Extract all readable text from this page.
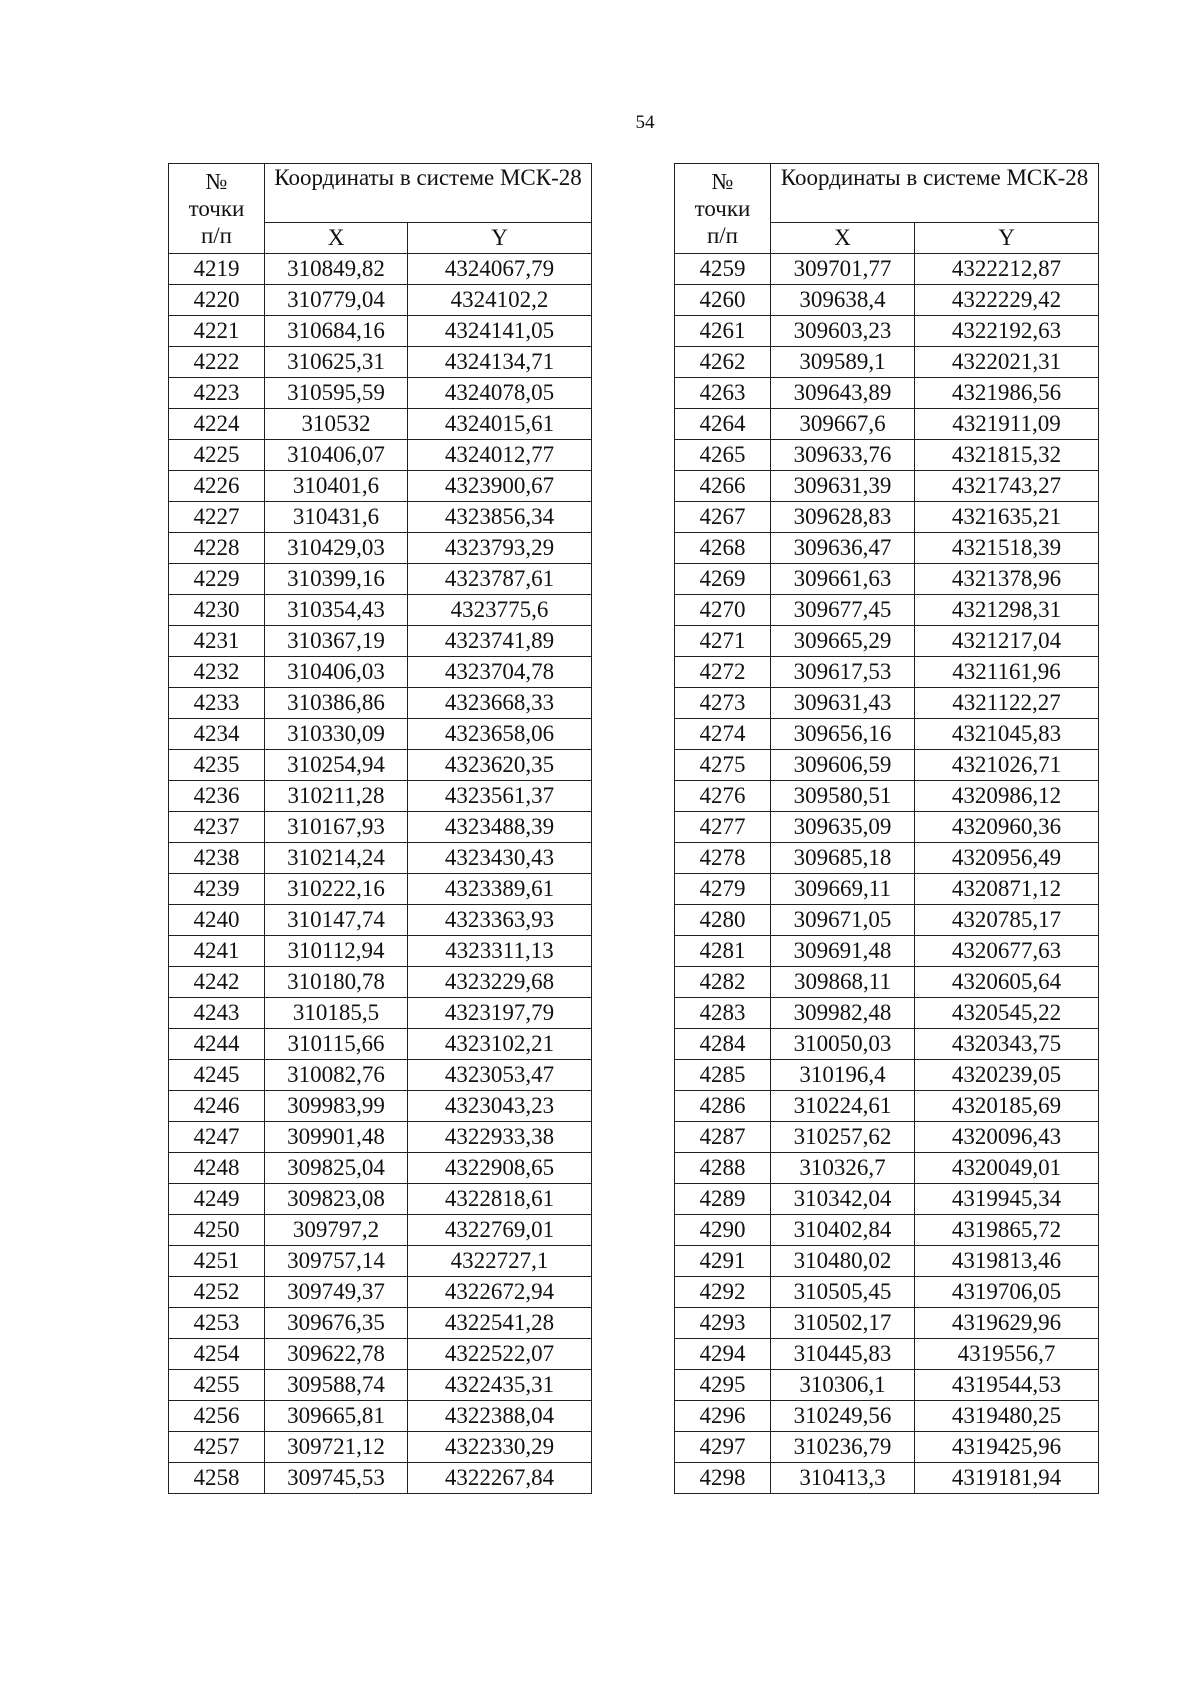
54
№
точки
п/п	Координаты в системе МСК-28	
	X	Y
4219	310849,82	4324067,79
4220	310779,04	4324102,2
4221	310684,16	4324141,05
4222	310625,31	4324134,71
4223	310595,59	4324078,05
4224	310532	4324015,61
4225	310406,07	4324012,77
4226	310401,6	4323900,67
4227	310431,6	4323856,34
4228	310429,03	4323793,29
4229	310399,16	4323787,61
4230	310354,43	4323775,6
4231	310367,19	4323741,89
4232	310406,03	4323704,78
4233	310386,86	4323668,33
4234	310330,09	4323658,06
4235	310254,94	4323620,35
4236	310211,28	4323561,37
4237	310167,93	4323488,39
4238	310214,24	4323430,43
4239	310222,16	4323389,61
4240	310147,74	4323363,93
4241	310112,94	4323311,13
4242	310180,78	4323229,68
4243	310185,5	4323197,79
4244	310115,66	4323102,21
4245	310082,76	4323053,47
4246	309983,99	4323043,23
4247	309901,48	4322933,38
4248	309825,04	4322908,65
4249	309823,08	4322818,61
4250	309797,2	4322769,01
4251	309757,14	4322727,1
4252	309749,37	4322672,94
4253	309676,35	4322541,28
4254	309622,78	4322522,07
4255	309588,74	4322435,31
4256	309665,81	4322388,04
4257	309721,12	4322330,29
4258	309745,53	4322267,84
№
точки
п/п	Координаты в системе МСК-28	
	X	Y
4259	309701,77	4322212,87
4260	309638,4	4322229,42
4261	309603,23	4322192,63
4262	309589,1	4322021,31
4263	309643,89	4321986,56
4264	309667,6	4321911,09
4265	309633,76	4321815,32
4266	309631,39	4321743,27
4267	309628,83	4321635,21
4268	309636,47	4321518,39
4269	309661,63	4321378,96
4270	309677,45	4321298,31
4271	309665,29	4321217,04
4272	309617,53	4321161,96
4273	309631,43	4321122,27
4274	309656,16	4321045,83
4275	309606,59	4321026,71
4276	309580,51	4320986,12
4277	309635,09	4320960,36
4278	309685,18	4320956,49
4279	309669,11	4320871,12
4280	309671,05	4320785,17
4281	309691,48	4320677,63
4282	309868,11	4320605,64
4283	309982,48	4320545,22
4284	310050,03	4320343,75
4285	310196,4	4320239,05
4286	310224,61	4320185,69
4287	310257,62	4320096,43
4288	310326,7	4320049,01
4289	310342,04	4319945,34
4290	310402,84	4319865,72
4291	310480,02	4319813,46
4292	310505,45	4319706,05
4293	310502,17	4319629,96
4294	310445,83	4319556,7
4295	310306,1	4319544,53
4296	310249,56	4319480,25
4297	310236,79	4319425,96
4298	310413,3	4319181,94
